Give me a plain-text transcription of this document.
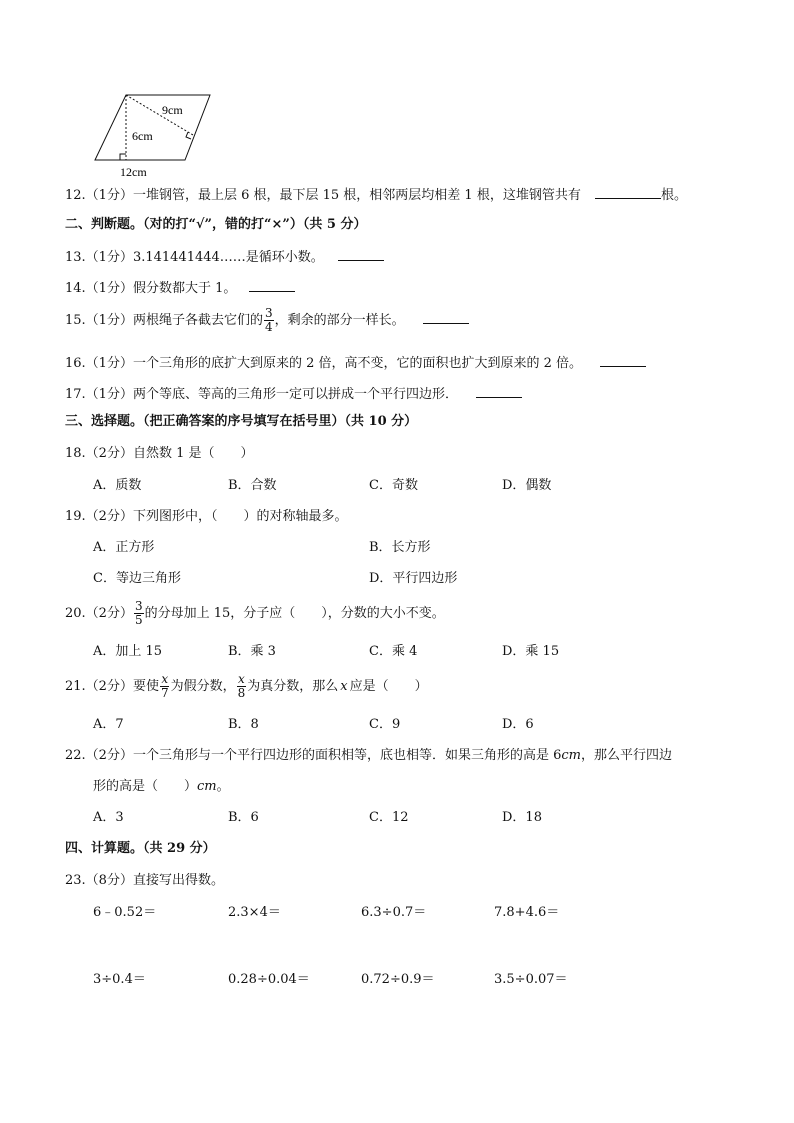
9cm
6cm
12cm
12.（1分）一堆钢管，最上层 6 根，最下层 15 根，相邻两层均相差 1 根，这堆钢管共有	根。
二、判断题。（对的打“√”，错的打“×”）（共 5 分）
13.（1分）3.141441444……是循环小数。
14.（1分）假分数都大于 1。
15.（1分）两根绳子各截去它们的 $\frac{3}{4}$ ，剩余的部分一样长。
16.（1分）一个三角形的底扩大到原来的 2 倍，高不变，它的面积也扩大到原来的 2 倍。
17.（1分）两个等底、等高的三角形一定可以拼成一个平行四边形．
三、选择题。（把正确答案的序号填写在括号里）（共 10 分）
18.（2分）自然数 1 是（　　）
A．质数	B．合数	C．奇数	D．偶数
19.（2分）下列图形中，（　　）的对称轴最多。
A．正方形	B．长方形
C．等边三角形	D．平行四边形
20.（2分） $\frac{3}{5}$ 的分母加上 15，分子应（　　），分数的大小不变。
A．加上 15	B．乘 3	C．乘 4	D．乘 15
21.（2分）要使 $\frac{x}{7}$ 为假分数， $\frac{x}{8}$ 为真分数，那么 x 应是（　　）
A．7	B．8	C．9	D．6
22.（2分）一个三角形与一个平行四边形的面积相等，底也相等．如果三角形的高是 6cm，那么平行四边
形的高是（　　）cm。
A．3	B．6	C．12	D．18
四、计算题。（共 29 分）
23.（8分）直接写出得数。
6﹣0.52＝	2.3×4＝	6.3÷0.7＝	7.8+4.6＝
3÷0.4＝	0.28÷0.04＝	0.72÷0.9＝	3.5÷0.07＝
